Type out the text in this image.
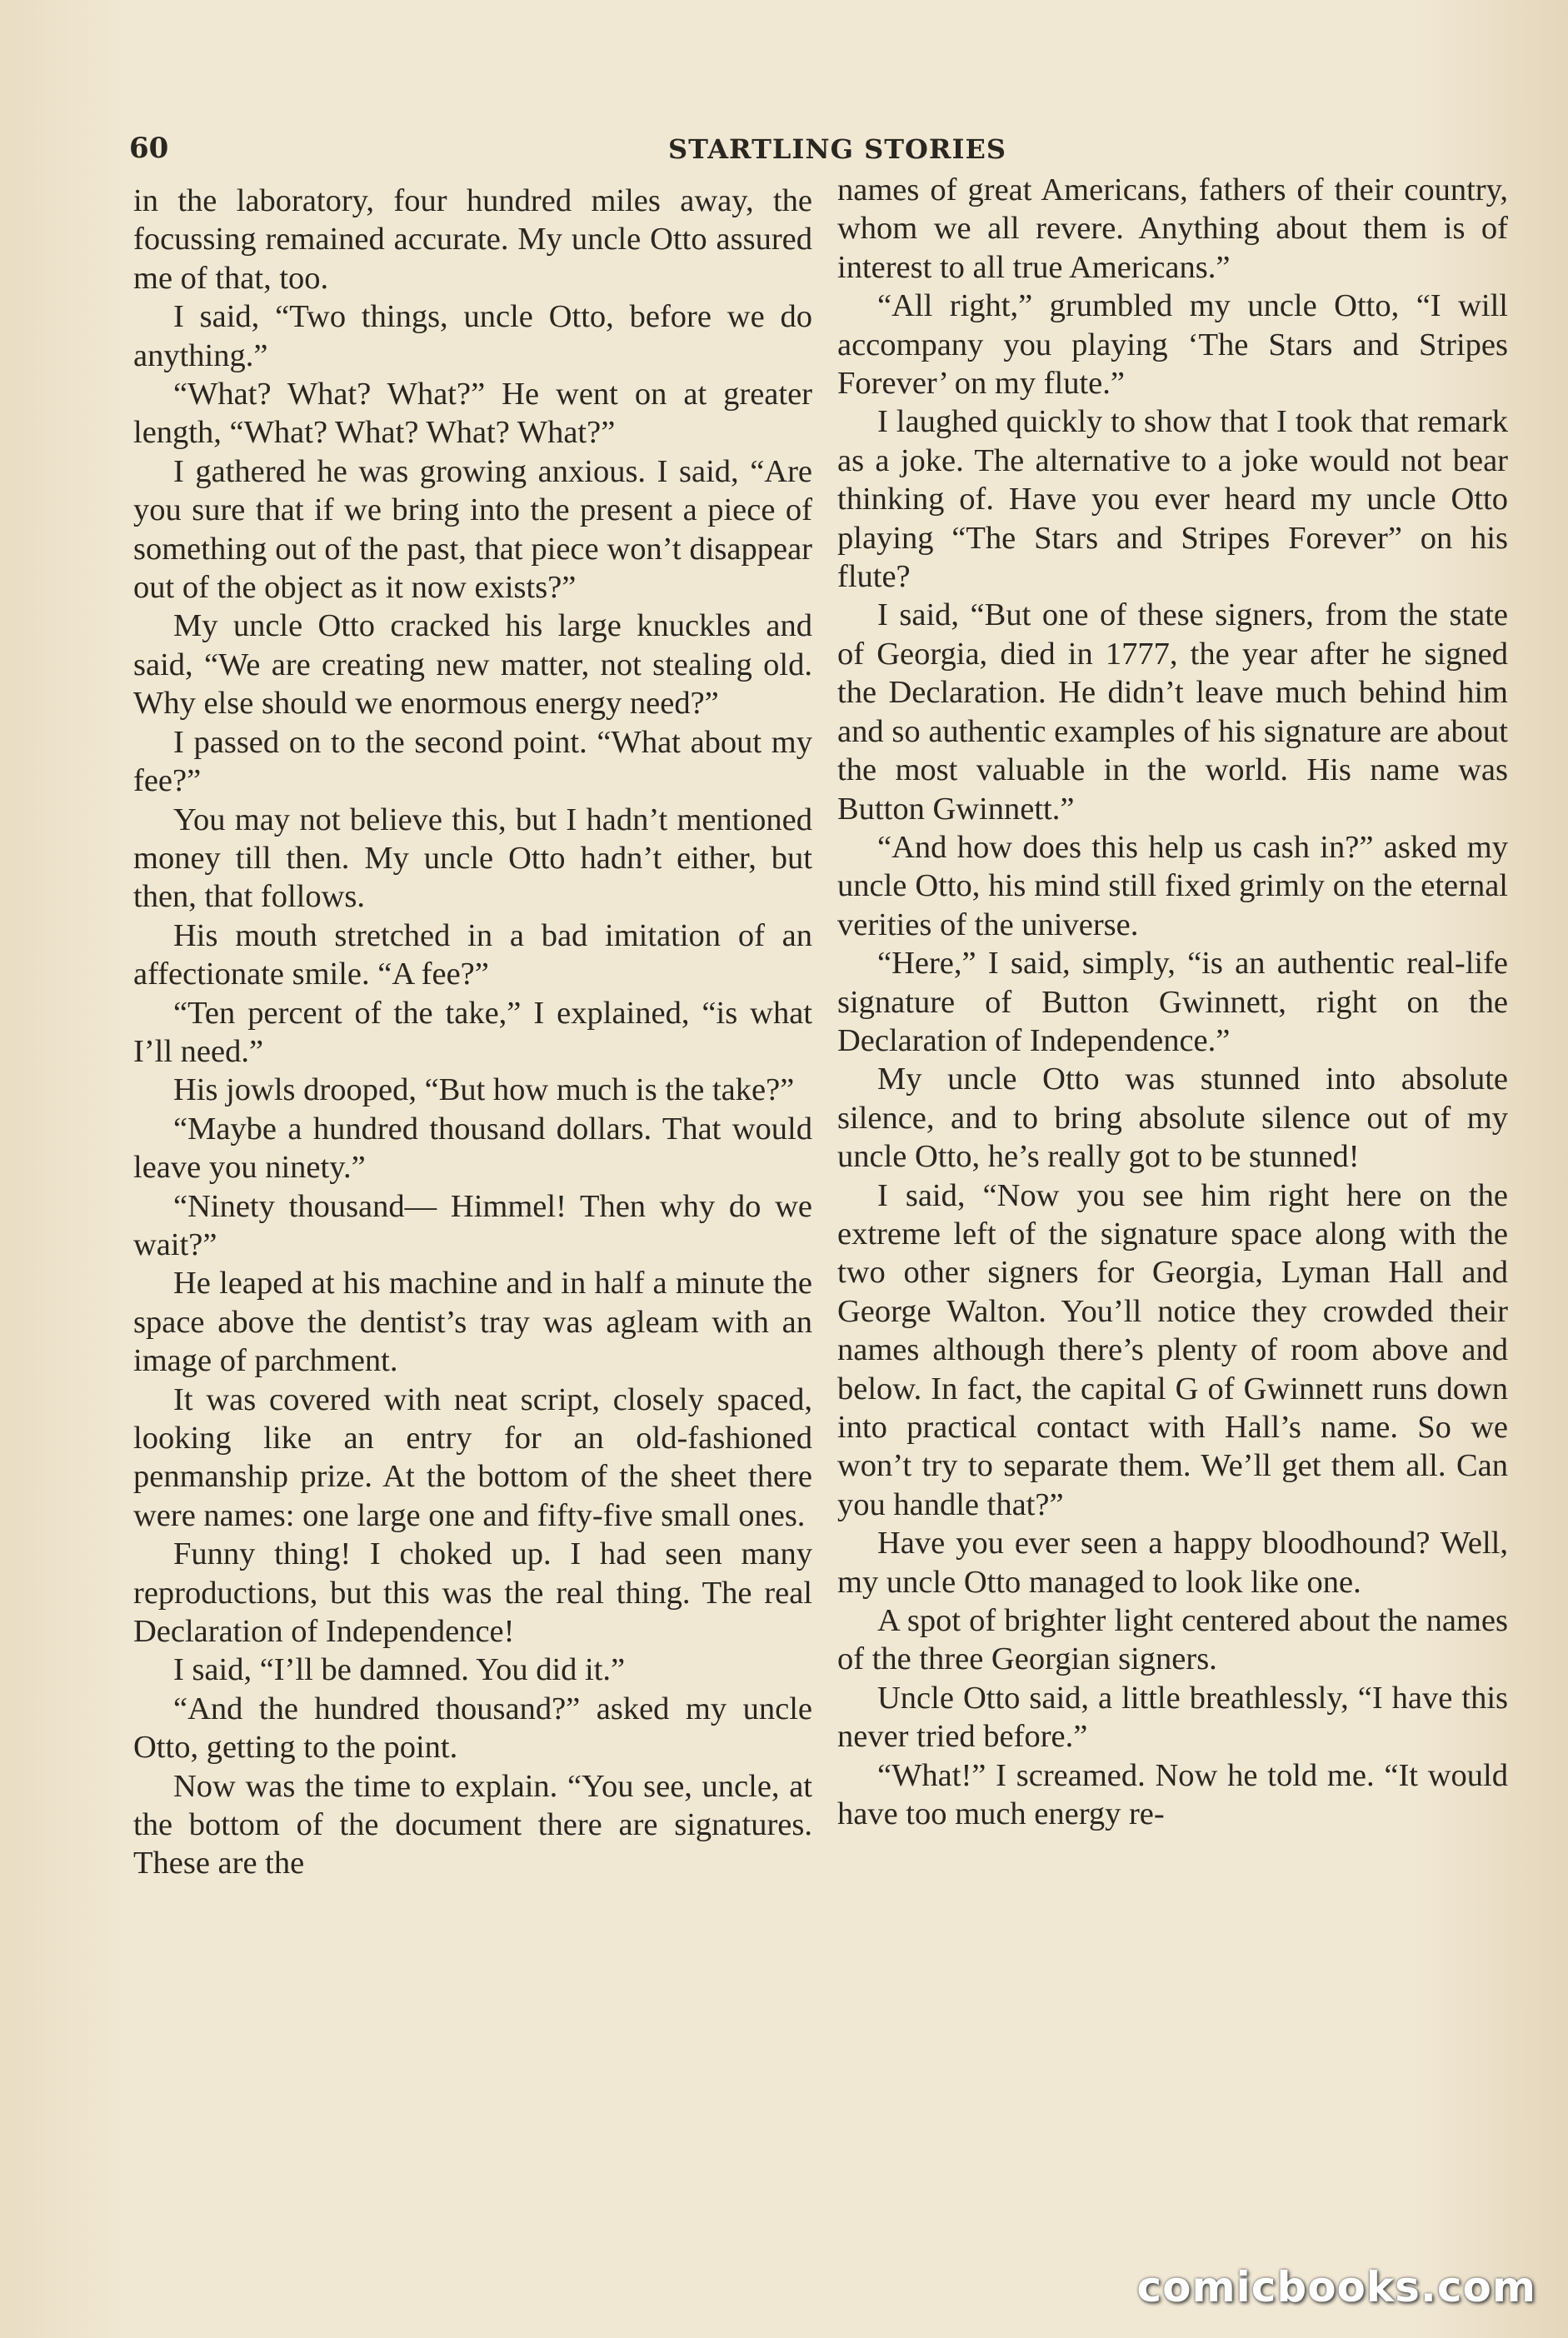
60	STARTLING STORIES

in the laboratory, four hundred miles away, the focussing remained accurate. My uncle Otto assured me of that, too.

I said, “Two things, uncle Otto, before we do anything.”

“What? What? What?” He went on at greater length, “What? What? What? What?”

I gathered he was growing anxious. I said, “Are you sure that if we bring into the present a piece of something out of the past, that piece won’t disappear out of the object as it now exists?”

My uncle Otto cracked his large knuckles and said, “We are creating new matter, not stealing old. Why else should we enormous energy need?”

I passed on to the second point. “What about my fee?”

You may not believe this, but I hadn’t mentioned money till then. My uncle Otto hadn’t either, but then, that follows.

His mouth stretched in a bad imitation of an affectionate smile. “A fee?”

“Ten percent of the take,” I explained, “is what I’ll need.”

His jowls drooped, “But how much is the take?”

“Maybe a hundred thousand dollars. That would leave you ninety.”

“Ninety thousand— Himmel! Then why do we wait?”

He leaped at his machine and in half a minute the space above the dentist’s tray was agleam with an image of parchment.

It was covered with neat script, closely spaced, looking like an entry for an old-fashioned penmanship prize. At the bottom of the sheet there were names: one large one and fifty-five small ones.

Funny thing! I choked up. I had seen many reproductions, but this was the real thing. The real Declaration of Independence!

I said, “I’ll be damned. You did it.”

“And the hundred thousand?” asked my uncle Otto, getting to the point.

Now was the time to explain. “You see, uncle, at the bottom of the document there are signatures. These are the

names of great Americans, fathers of their country, whom we all revere. Anything about them is of interest to all true Americans.”

“All right,” grumbled my uncle Otto, “I will accompany you playing ‘The Stars and Stripes Forever’ on my flute.”

I laughed quickly to show that I took that remark as a joke. The alternative to a joke would not bear thinking of. Have you ever heard my uncle Otto playing “The Stars and Stripes Forever” on his flute?

I said, “But one of these signers, from the state of Georgia, died in 1777, the year after he signed the Declaration. He didn’t leave much behind him and so authentic examples of his signature are about the most valuable in the world. His name was Button Gwinnett.”

“And how does this help us cash in?” asked my uncle Otto, his mind still fixed grimly on the eternal verities of the universe.

“Here,” I said, simply, “is an authentic real-life signature of Button Gwinnett, right on the Declaration of Independence.”

My uncle Otto was stunned into absolute silence, and to bring absolute silence out of my uncle Otto, he’s really got to be stunned!

I said, “Now you see him right here on the extreme left of the signature space along with the two other signers for Georgia, Lyman Hall and George Walton. You’ll notice they crowded their names although there’s plenty of room above and below. In fact, the capital G of Gwinnett runs down into practical contact with Hall’s name. So we won’t try to separate them. We’ll get them all. Can you handle that?”

Have you ever seen a happy bloodhound? Well, my uncle Otto managed to look like one.

A spot of brighter light centered about the names of the three Georgian signers.

Uncle Otto said, a little breathlessly, “I have this never tried before.”

“What!” I screamed. Now he told me. “It would have too much energy re-

comicbooks.com
